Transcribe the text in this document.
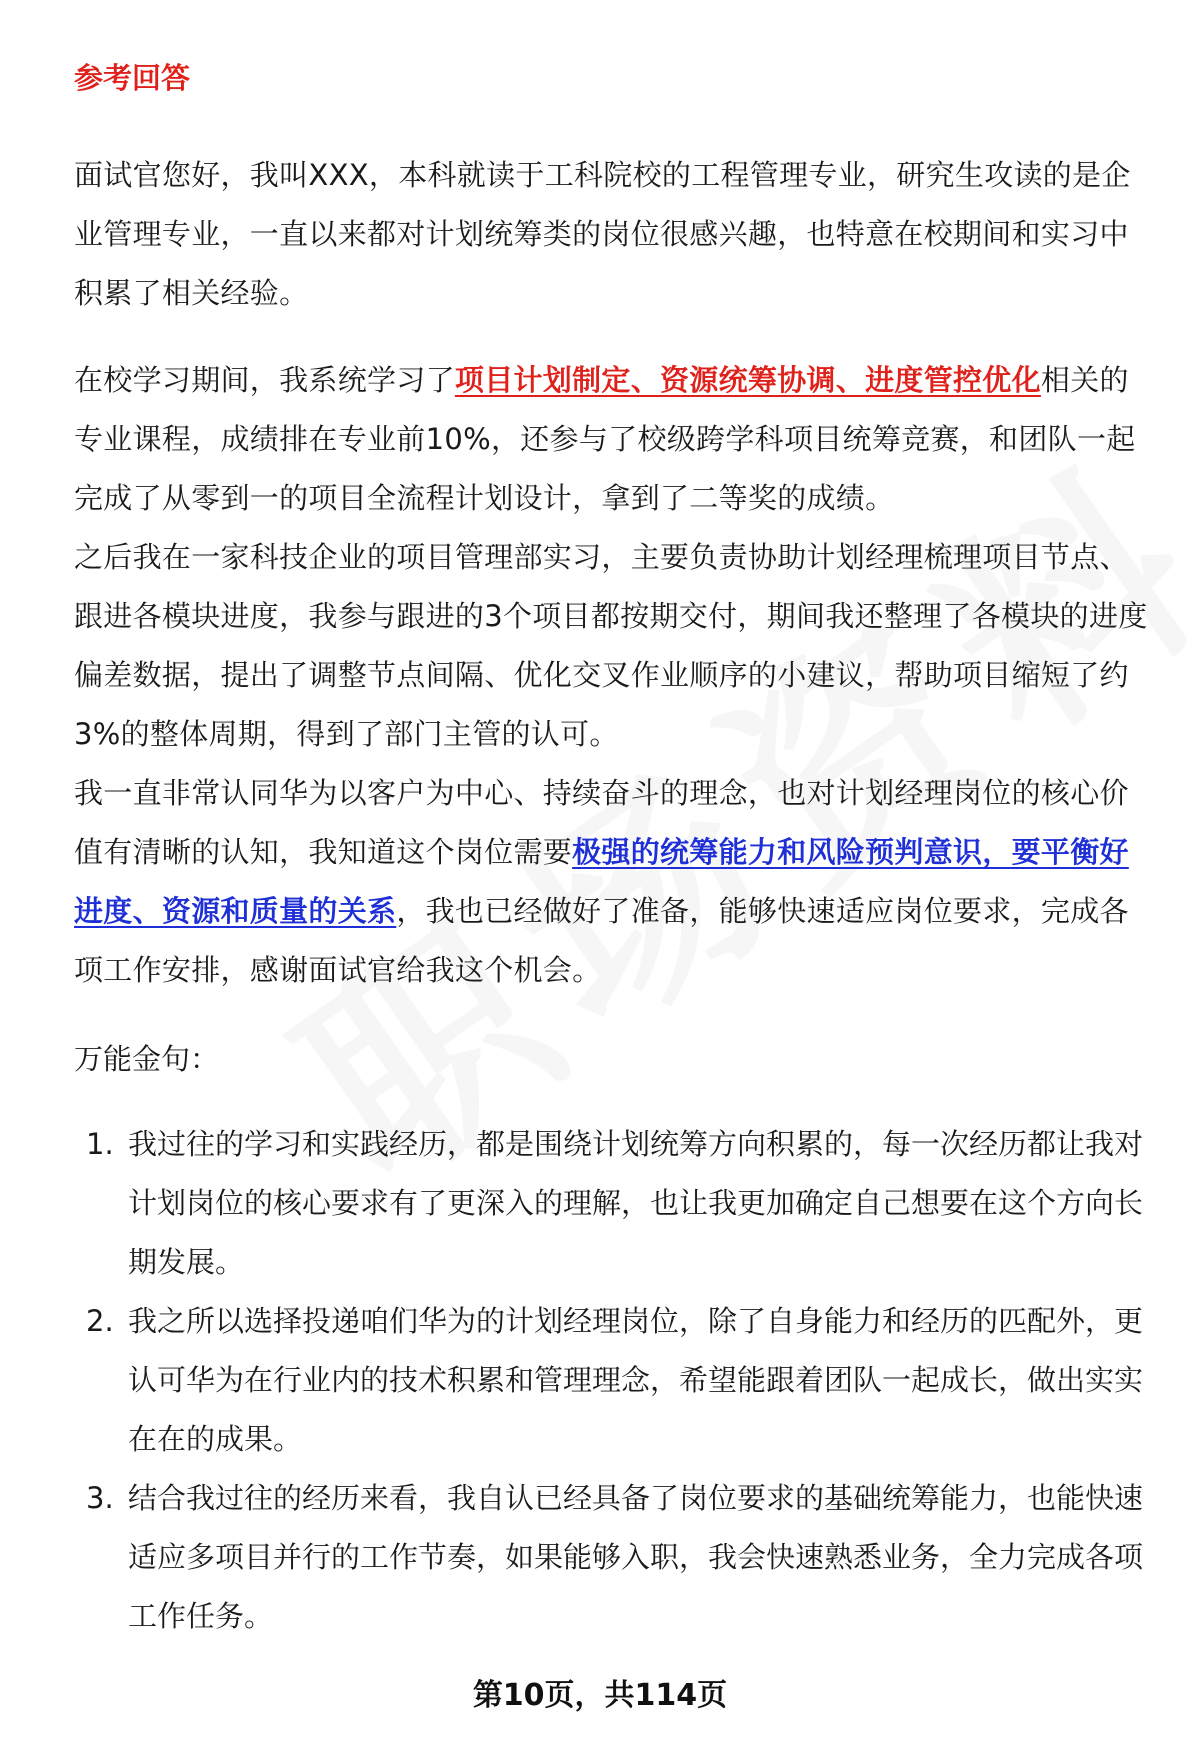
参考回答

面试官您好，我叫XXX，本科就读于工科院校的工程管理专业，研究生攻读的是企业管理专业，一直以来都对计划统筹类的岗位很感兴趣，也特意在校期间和实习中积累了相关经验。

在校学习期间，我系统学习了项目计划制定、资源统筹协调、进度管控优化相关的专业课程，成绩排在专业前10%，还参与了校级跨学科项目统筹竞赛，和团队一起完成了从零到一的项目全流程计划设计，拿到了二等奖的成绩。

之后我在一家科技企业的项目管理部实习，主要负责协助计划经理梳理项目节点、跟进各模块进度，我参与跟进的3个项目都按期交付，期间我还整理了各模块的进度偏差数据，提出了调整节点间隔、优化交叉作业顺序的小建议，帮助项目缩短了约3%的整体周期，得到了部门主管的认可。

我一直非常认同华为以客户为中心、持续奋斗的理念，也对计划经理岗位的核心价值有清晰的认知，我知道这个岗位需要极强的统筹能力和风险预判意识，要平衡好进度、资源和质量的关系，我也已经做好了准备，能够快速适应岗位要求，完成各项工作安排，感谢面试官给我这个机会。

万能金句：

1. 我过往的学习和实践经历，都是围绕计划统筹方向积累的，每一次经历都让我对计划岗位的核心要求有了更深入的理解，也让我更加确定自己想要在这个方向长期发展。
2. 我之所以选择投递咱们华为的计划经理岗位，除了自身能力和经历的匹配外，更认可华为在行业内的技术积累和管理理念，希望能跟着团队一起成长，做出实实在在的成果。
3. 结合我过往的经历来看，我自认已经具备了岗位要求的基础统筹能力，也能快速适应多项目并行的工作节奏，如果能够入职，我会快速熟悉业务，全力完成各项工作任务。
第10页，共114页
